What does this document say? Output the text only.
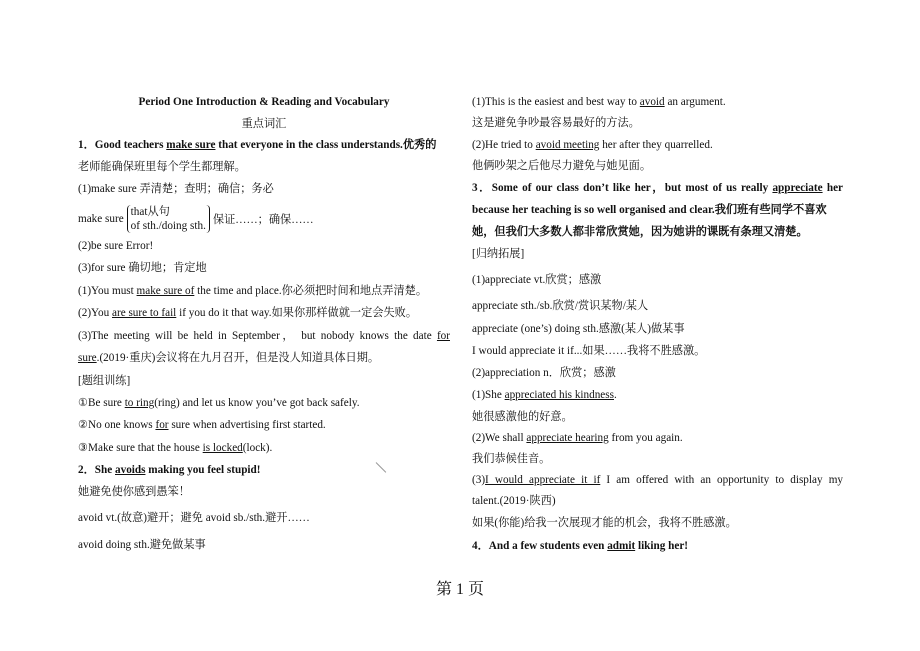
Period One Introduction & Reading and Vocabulary
重点词汇
1．Good teachers make sure that everyone in the class understands.优秀的
老师能确保班里每个学生都理解。
(1)make sure 弄清楚；查明；确信；务必
(2)be sure Error!
(3)for sure 确切地；肯定地
(1)You must make sure of the time and place.你必须把时间和地点弄清楚。
(2)You are sure to fail if you do it that way.如果你那样做就一定会失败。
(3)The meeting will be held in September， but nobody knows the date for
sure.(2019·重庆)会议将在九月召开，但是没人知道具体日期。
[题组训练]
①Be sure to ring(ring) and let us know you’ve got back safely.
②No one knows for sure when advertising first started.
③Make sure that the house is locked(lock).
2．She avoids making you feel stupid!
她避免使你感到愚笨！
avoid vt.(故意)避开；避免 avoid sb./sth.避开……
avoid doing sth.避免做某事
(1)This is the easiest and best way to avoid an argument.
这是避免争吵最容易最好的方法。
(2)He tried to avoid meeting her after they quarrelled.
他俩吵架之后他尽力避免与她见面。
3．Some of our class don’t like her，but most of us really appreciate her
because her teaching is so well organised and clear.我们班有些同学不喜欢
她，但我们大多数人都非常欣赏她，因为她讲的课既有条理又清楚。
[归纳拓展]
(1)appreciate vt.欣赏；感激
appreciate sth./sb.欣赏/赏识某物/某人
appreciate (one’s) doing sth.感激(某人)做某事
I would appreciate it if...如果……我将不胜感激。
(2)appreciation n．欣赏；感激
(1)She appreciated his kindness.
她很感激他的好意。
(2)We shall appreciate hearing from you again.
我们恭候佳音。
(3)I would appreciate it if I am offered with an opportunity to display my
talent.(2019·陕西)
如果(你能)给我一次展现才能的机会，我将不胜感激。
4．And a few students even admit liking her!
make sure
that从句
of sth./doing sth. 保证……；确保……
第 1 页
